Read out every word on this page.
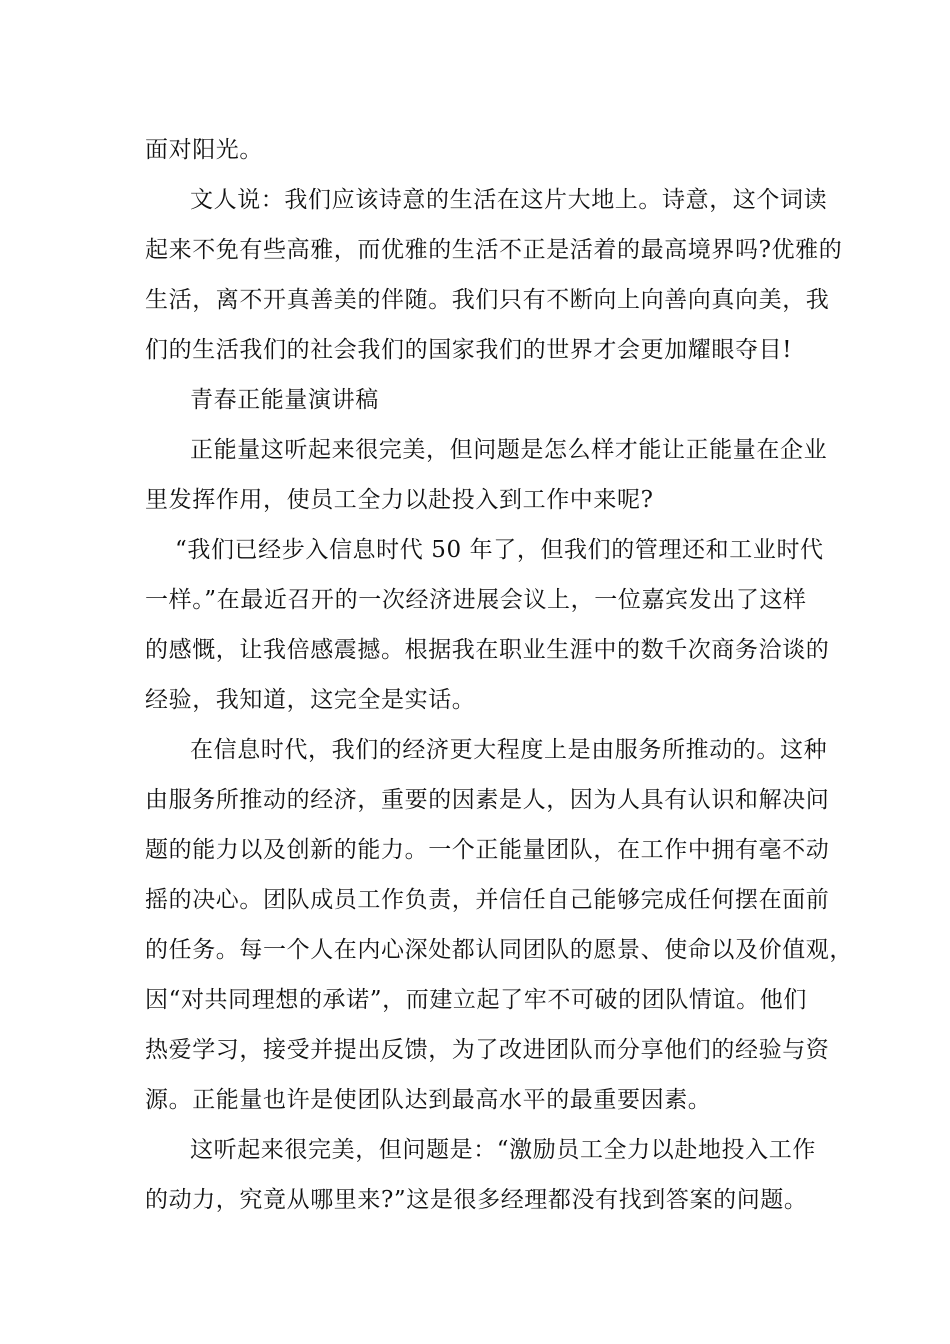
面对阳光。
文人说：我们应该诗意的生活在这片大地上。诗意，这个词读
起来不免有些高雅，而优雅的生活不正是活着的最高境界吗?优雅的
生活，离不开真善美的伴随。我们只有不断向上向善向真向美，我
们的生活我们的社会我们的国家我们的世界才会更加耀眼夺目!
青春正能量演讲稿
正能量这听起来很完美，但问题是怎么样才能让正能量在企业
里发挥作用，使员工全力以赴投入到工作中来呢?
“我们已经步入信息时代 50 年了，但我们的管理还和工业时代
一样。”在最近召开的一次经济进展会议上，一位嘉宾发出了这样
的感慨，让我倍感震撼。根据我在职业生涯中的数千次商务洽谈的
经验，我知道，这完全是实话。
在信息时代，我们的经济更大程度上是由服务所推动的。这种
由服务所推动的经济，重要的因素是人，因为人具有认识和解决问
题的能力以及创新的能力。一个正能量团队，在工作中拥有毫不动
摇的决心。团队成员工作负责，并信任自己能够完成任何摆在面前
的任务。每一个人在内心深处都认同团队的愿景、使命以及价值观，
因“对共同理想的承诺”，而建立起了牢不可破的团队情谊。他们
热爱学习，接受并提出反馈，为了改进团队而分享他们的经验与资
源。正能量也许是使团队达到最高水平的最重要因素。
这听起来很完美，但问题是：“激励员工全力以赴地投入工作
的动力，究竟从哪里来?”这是很多经理都没有找到答案的问题。
